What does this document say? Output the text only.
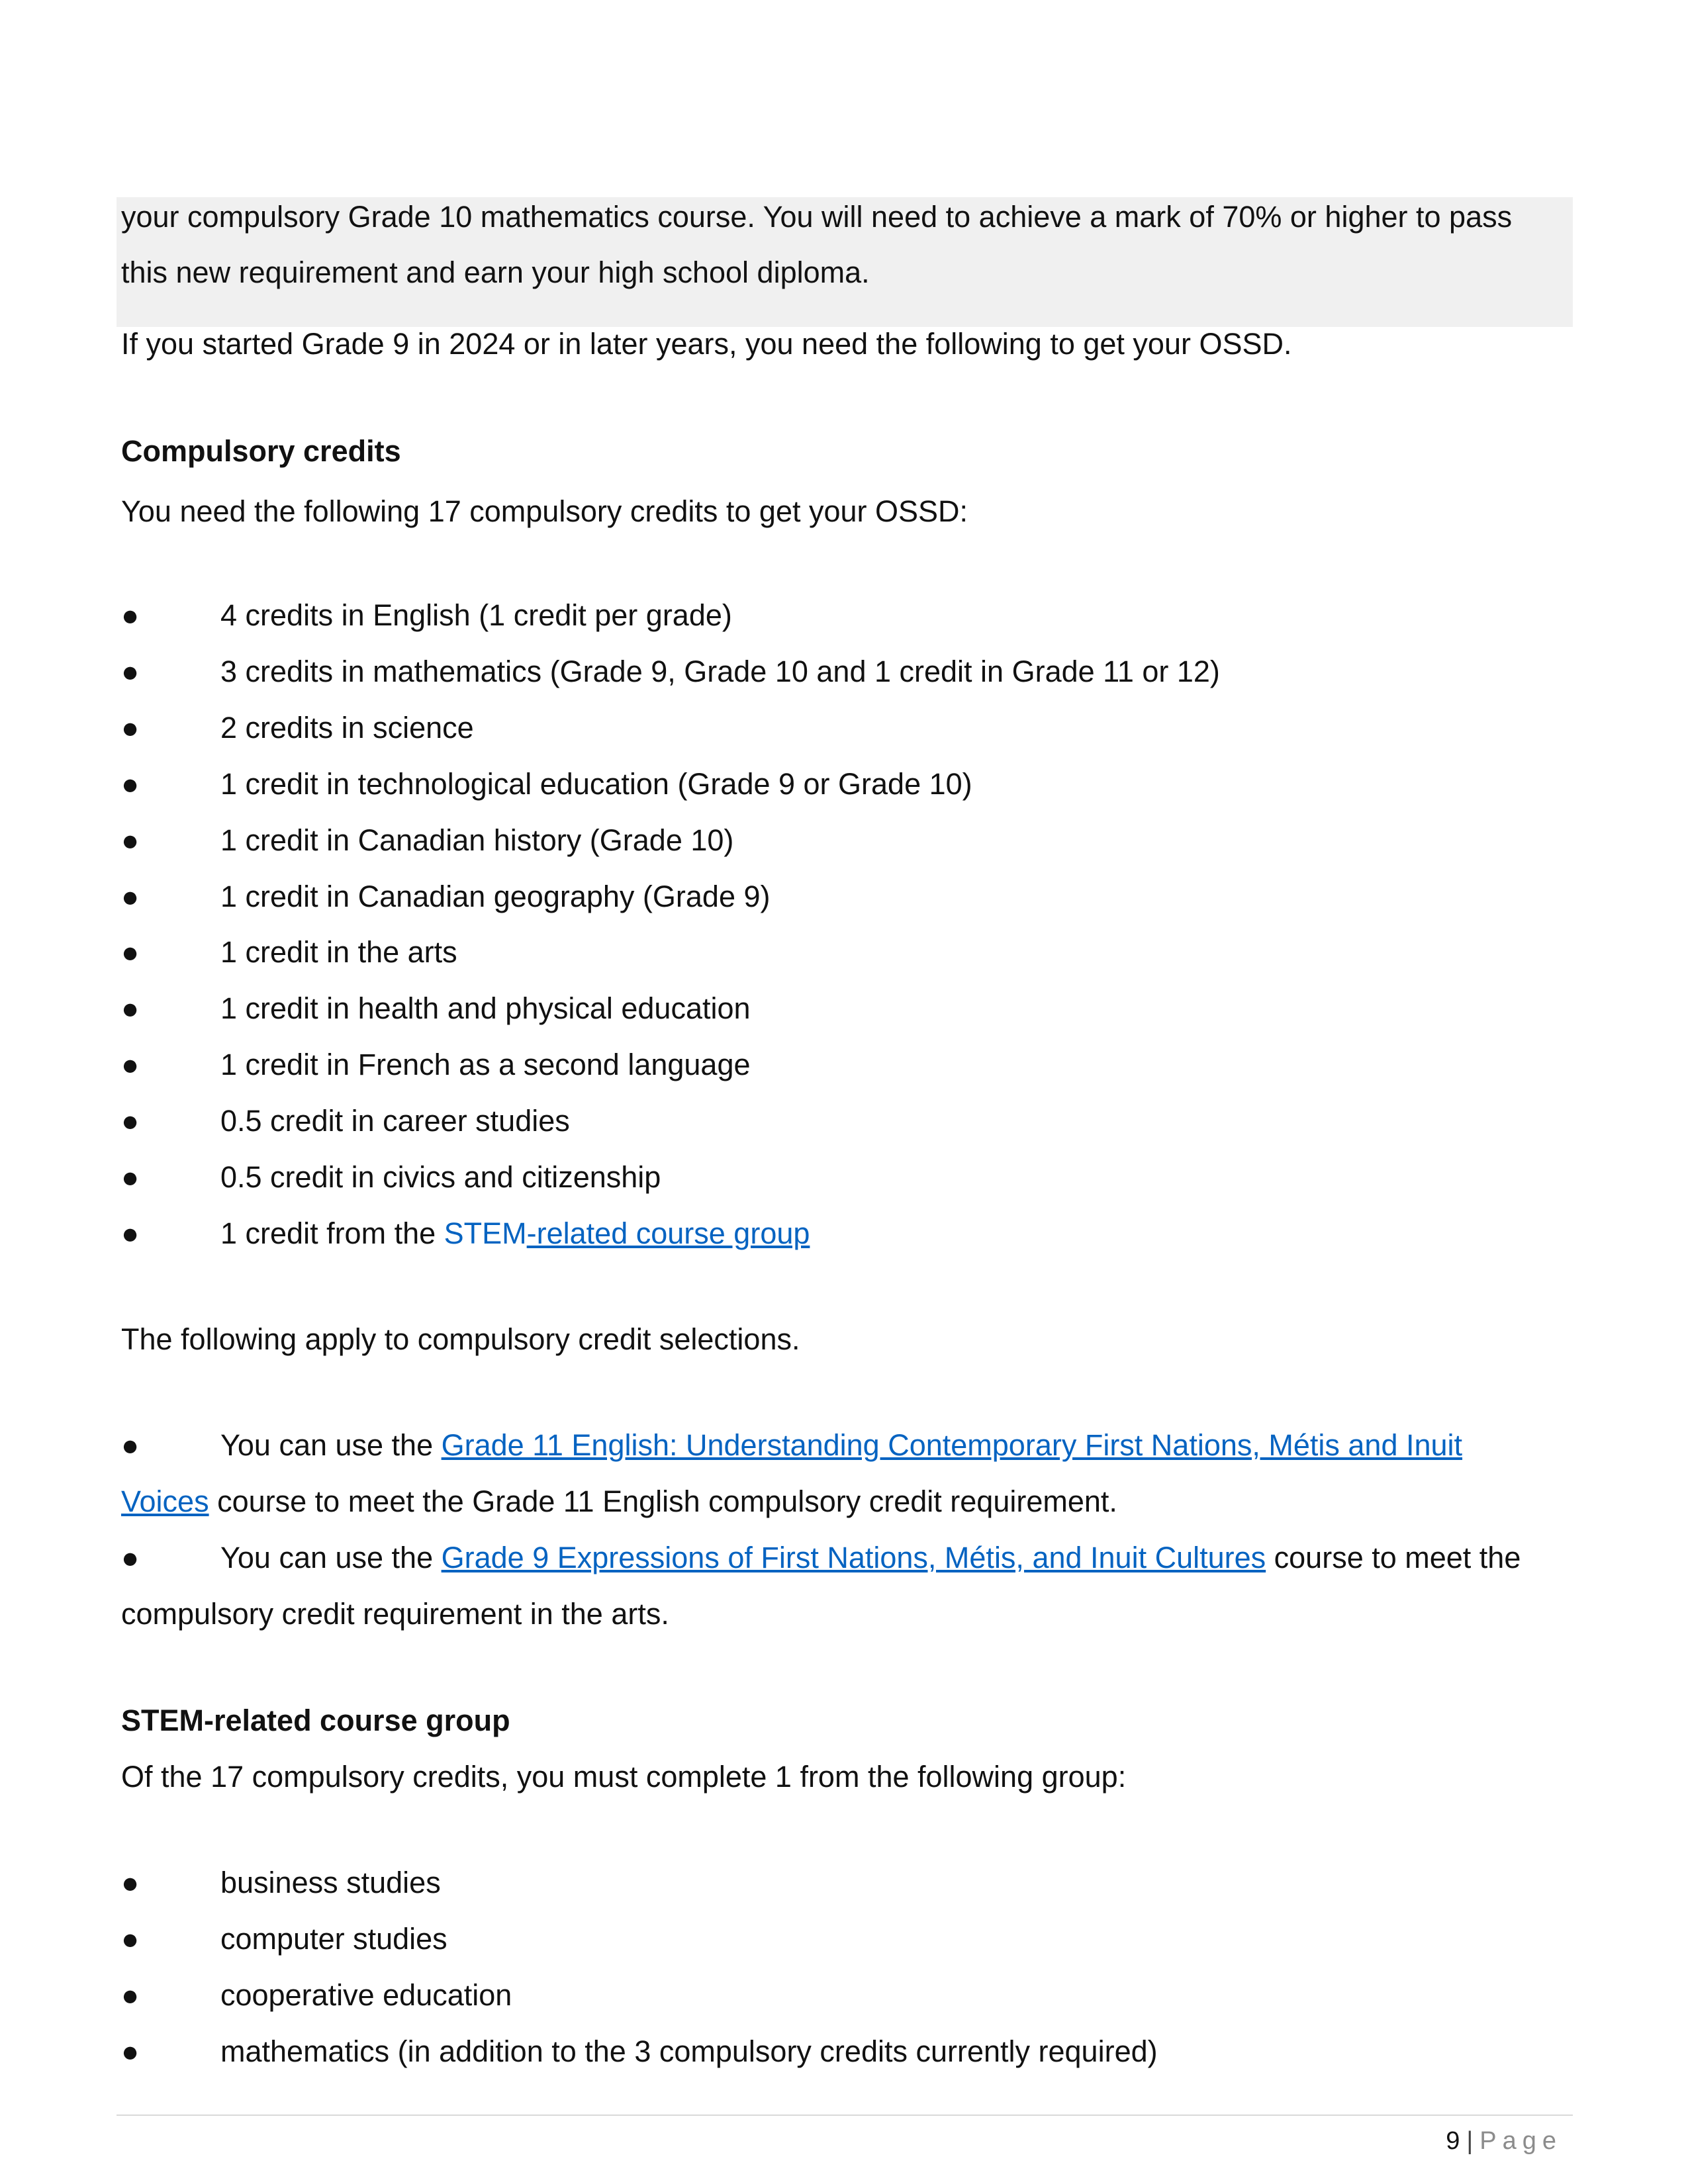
your compulsory Grade 10 mathematics course. You will need to achieve a mark of 70% or higher to pass
this new requirement and earn your high school diploma.
If you started Grade 9 in 2024 or in later years, you need the following to get your OSSD.
Compulsory credits
You need the following 17 compulsory credits to get your OSSD:
●	4 credits in English (1 credit per grade)
●	3 credits in mathematics (Grade 9, Grade 10 and 1 credit in Grade 11 or 12)
●	2 credits in science
●	1 credit in technological education (Grade 9 or Grade 10)
●	1 credit in Canadian history (Grade 10)
●	1 credit in Canadian geography (Grade 9)
●	1 credit in the arts
●	1 credit in health and physical education
●	1 credit in French as a second language
●	0.5 credit in career studies
●	0.5 credit in civics and citizenship
●	1 credit from the STEM-related course group
The following apply to compulsory credit selections.
●	You can use the Grade 11 English: Understanding Contemporary First Nations, Métis and Inuit
Voices course to meet the Grade 11 English compulsory credit requirement.
●	You can use the Grade 9 Expressions of First Nations, Métis, and Inuit Cultures course to meet the
compulsory credit requirement in the arts.
STEM-related course group
Of the 17 compulsory credits, you must complete 1 from the following group:
●	business studies
●	computer studies
●	cooperative education
●	mathematics (in addition to the 3 compulsory credits currently required)
9 | Page
